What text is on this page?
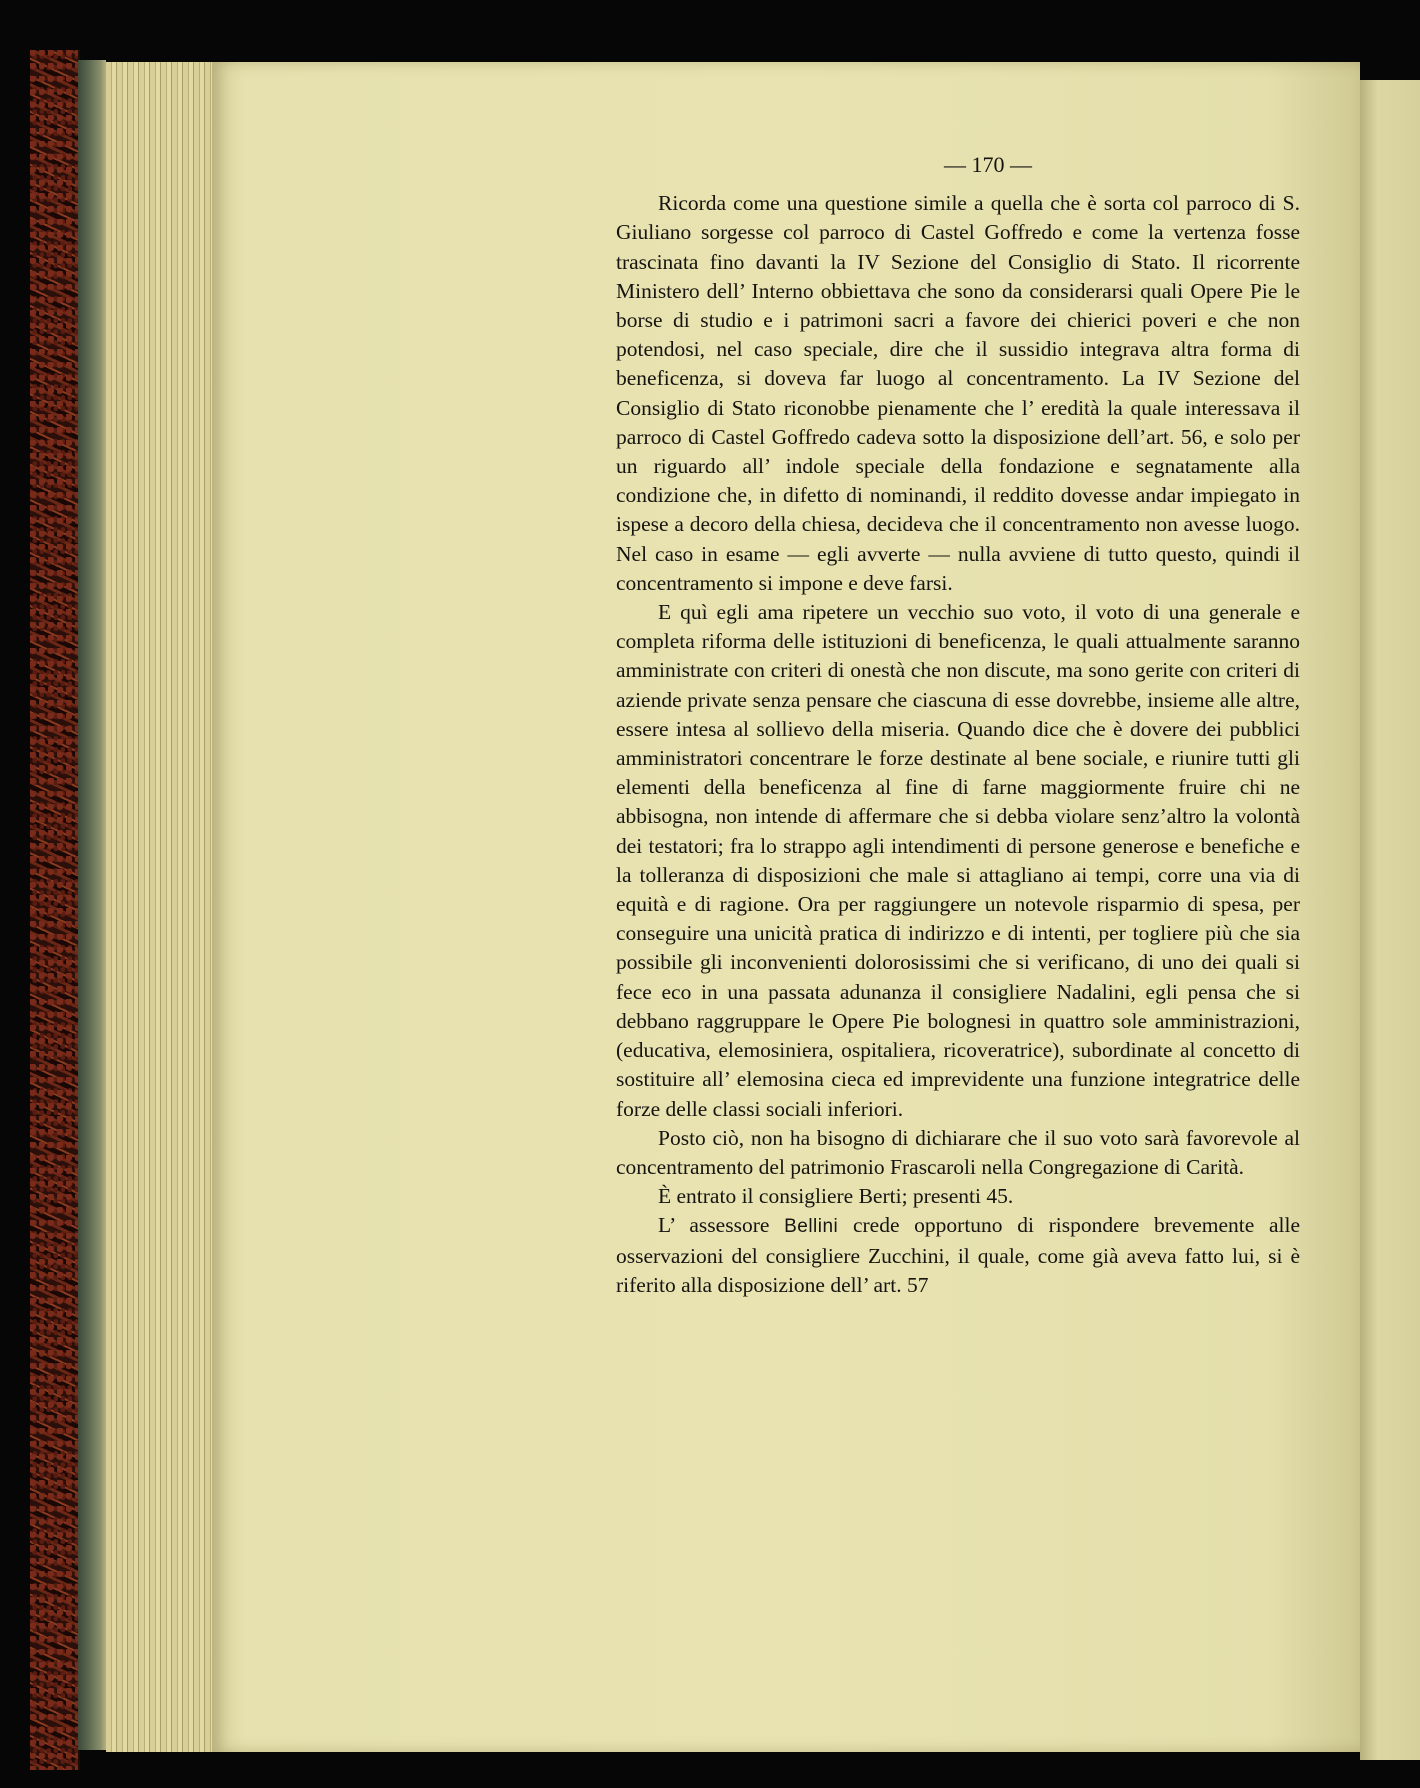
— 170 —

Ricorda come una questione simile a quella che è sorta col parroco di S. Giuliano sorgesse col parroco di Castel Goffredo e come la vertenza fosse trascinata fino davanti la IV Sezione del Consiglio di Stato. Il ricorrente Ministero dell’ Interno obbiettava che sono da considerarsi quali Opere Pie le borse di studio e i patrimoni sacri a favore dei chierici poveri e che non potendosi, nel caso speciale, dire che il sussidio integrava altra forma di beneficenza, si doveva far luogo al concentramento. La IV Sezione del Consiglio di Stato riconobbe pienamente che l’ eredità la quale interessava il parroco di Castel Goffredo cadeva sotto la disposizione dell’art. 56, e solo per un riguardo all’ indole speciale della fondazione e segnatamente alla condizione che, in difetto di nominandi, il reddito dovesse andar impiegato in ispese a decoro della chiesa, decideva che il concentramento non avesse luogo. Nel caso in esame — egli avverte — nulla avviene di tutto questo, quindi il concentramento si impone e deve farsi.

E quì egli ama ripetere un vecchio suo voto, il voto di una generale e completa riforma delle istituzioni di beneficenza, le quali attualmente saranno amministrate con criteri di onestà che non discute, ma sono gerite con criteri di aziende private senza pensare che ciascuna di esse dovrebbe, insieme alle altre, essere intesa al sollievo della miseria. Quando dice che è dovere dei pubblici amministratori concentrare le forze destinate al bene sociale, e riunire tutti gli elementi della beneficenza al fine di farne maggiormente fruire chi ne abbisogna, non intende di affermare che si debba violare senz’altro la volontà dei testatori; fra lo strappo agli intendimenti di persone generose e benefiche e la tolleranza di disposizioni che male si attagliano ai tempi, corre una via di equità e di ragione. Ora per raggiungere un notevole risparmio di spesa, per conseguire una unicità pratica di indirizzo e di intenti, per togliere più che sia possibile gli inconvenienti dolorosissimi che si verificano, di uno dei quali si fece eco in una passata adunanza il consigliere Nadalini, egli pensa che si debbano raggruppare le Opere Pie bolognesi in quattro sole amministrazioni, (educativa, elemosiniera, ospitaliera, ricoveratrice), subordinate al concetto di sostituire all’ elemosina cieca ed imprevidente una funzione integratrice delle forze delle classi sociali inferiori.

Posto ciò, non ha bisogno di dichiarare che il suo voto sarà favorevole al concentramento del patrimonio Frascaroli nella Congregazione di Carità.

È entrato il consigliere Berti; presenti 45.

L’ assessore Bellini crede opportuno di rispondere brevemente alle osservazioni del consigliere Zucchini, il quale, come già aveva fatto lui, si è riferito alla disposizione dell’ art. 57
